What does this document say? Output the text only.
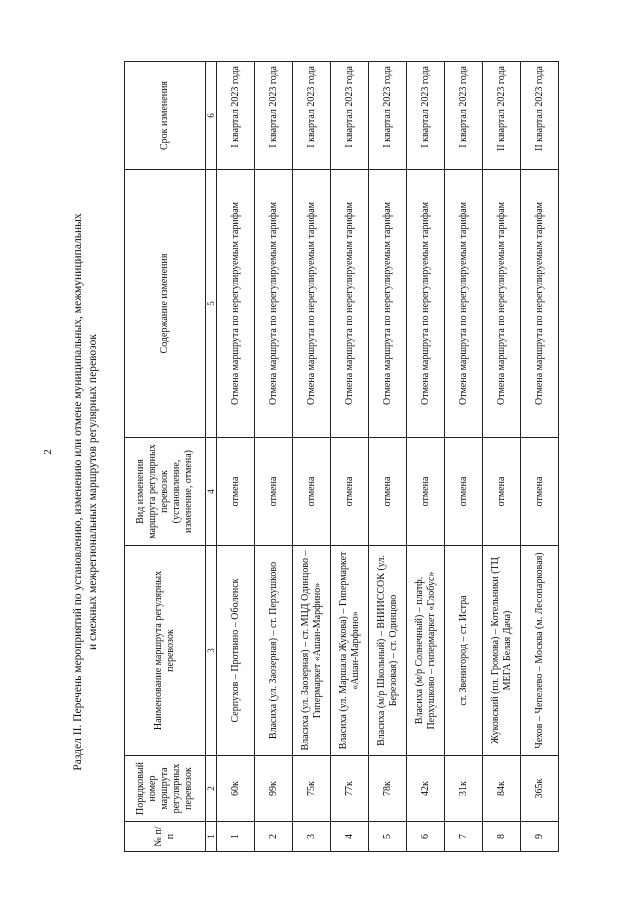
2 Раздел II. Перечень мероприятий по установлению, изменению или отмене муниципальных, межмуниципальных и смежных межрегиональных маршрутов регулярных перевозок
№ п/п	Порядковый номер маршрута регулярных перевозок	Наименование маршрута регулярных перевозок	Вид изменения маршрута регулярных перевозок (установление, изменение, отмена)	Содержание изменения	Срок изменения
1	2	3	4	5	6
1	60к	Серпухов – Протвино – Оболенск	отмена	Отмена маршрута по нерегулируемым тарифам	I квартал 2023 года
2	99к	Власиха (ул. Заозерная) – ст. Перхушково	отмена	Отмена маршрута по нерегулируемым тарифам	I квартал 2023 года
3	75к	Власиха (ул. Заозерная) – ст. МЦД Одинцово – Гипермаркет «Ашан-Марфино»	отмена	Отмена маршрута по нерегулируемым тарифам	I квартал 2023 года
4	77к	Власиха (ул. Маршала Жукова) – Гипермаркет «Ашан-Марфино»	отмена	Отмена маршрута по нерегулируемым тарифам	I квартал 2023 года
5	78к	Власиха (м/р Школьный) – ВНИИССОК (ул. Березовая) – ст. Одинцово	отмена	Отмена маршрута по нерегулируемым тарифам	I квартал 2023 года
6	42к	Власиха (м/р Солнечный) – платф. Перхушково – гипермаркет «Глобус»	отмена	Отмена маршрута по нерегулируемым тарифам	I квартал 2023 года
7	31к	ст. Звенигород – ст. Истра	отмена	Отмена маршрута по нерегулируемым тарифам	I квартал 2023 года
8	84к	Жуковский (пл. Громова) – Котельники (ТЦ МЕГА Белая Дача)	отмена	Отмена маршрута по нерегулируемым тарифам	II квартал 2023 года
9	365к	Чехов – Чепелево – Москва (м. Лесопарковая)	отмена	Отмена маршрута по нерегулируемым тарифам	II квартал 2023 года
